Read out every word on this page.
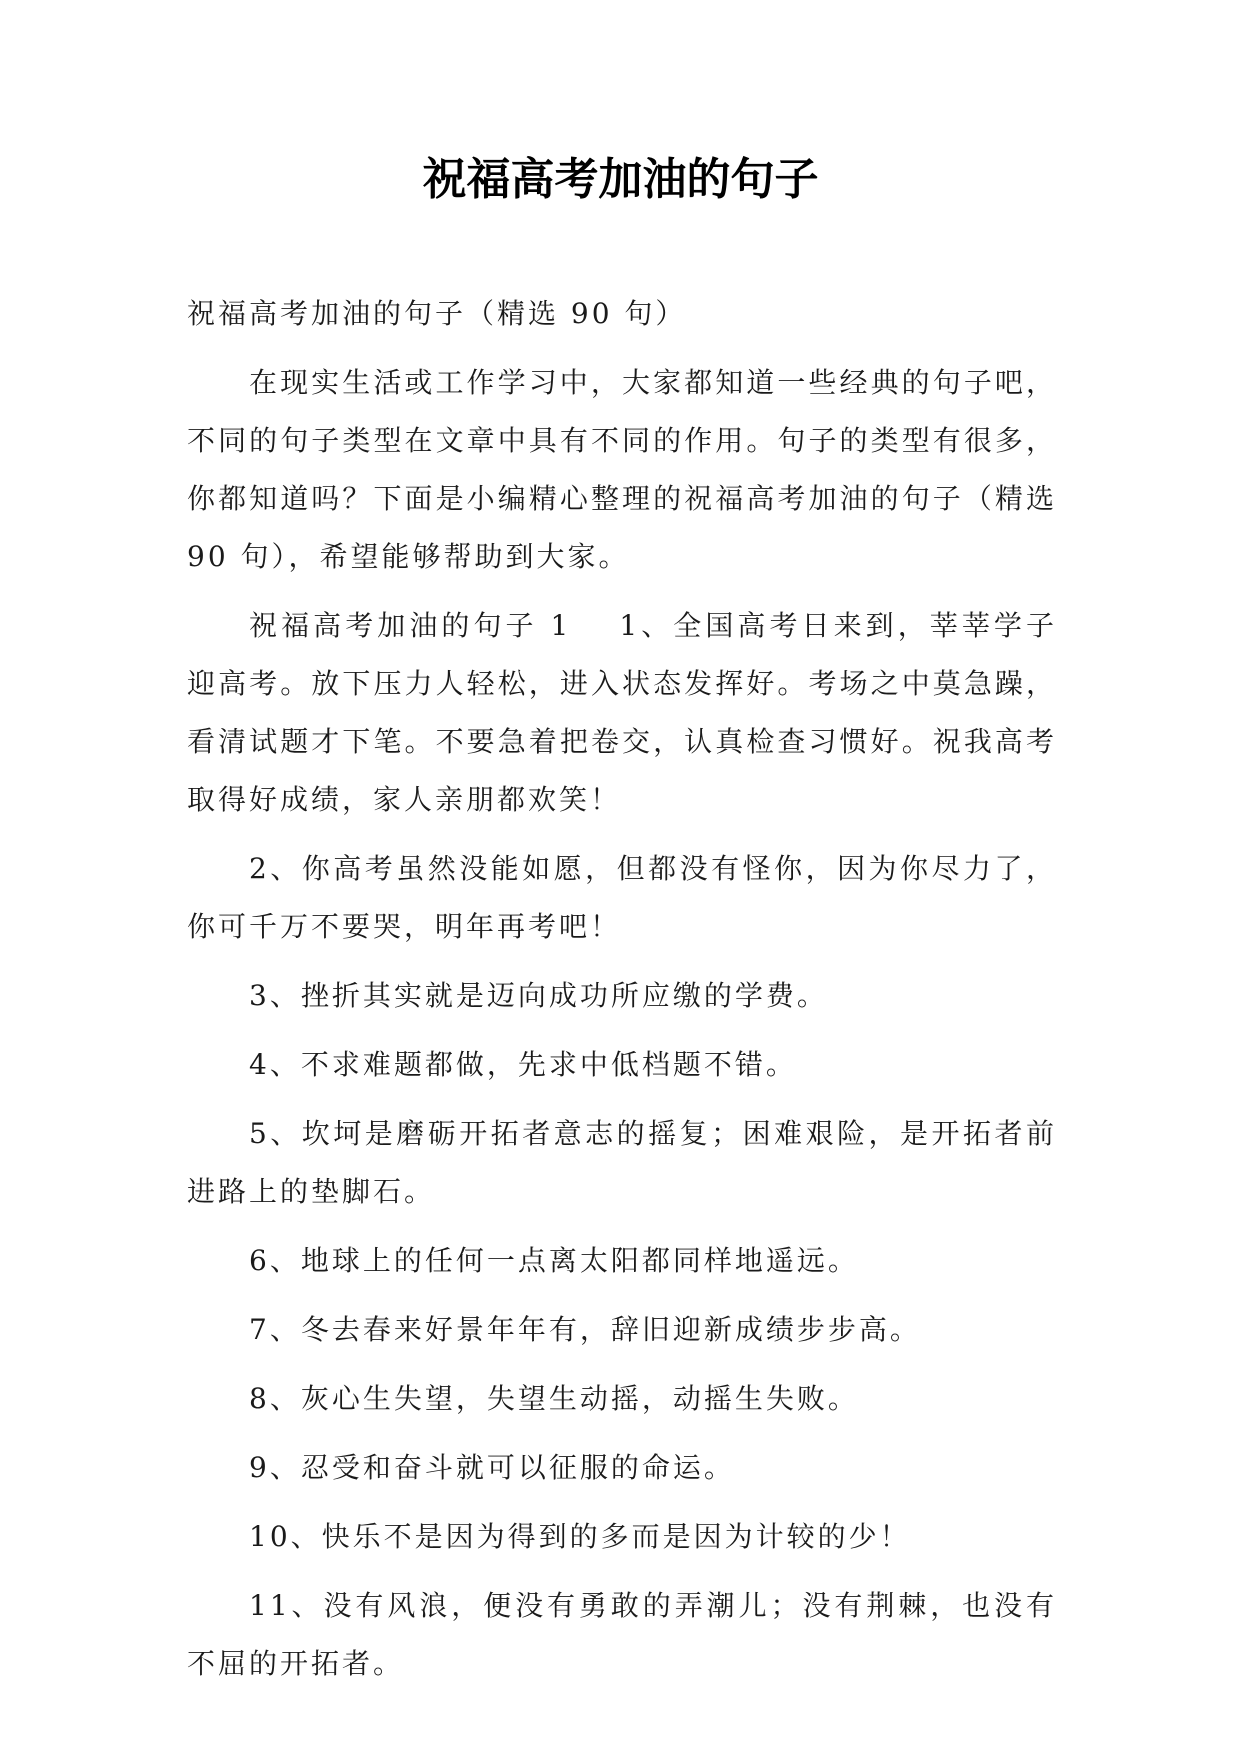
祝福高考加油的句子

祝福高考加油的句子（精选 90 句）

在现实生活或工作学习中，大家都知道一些经典的句子吧，不同的句子类型在文章中具有不同的作用。句子的类型有很多，你都知道吗？下面是小编精心整理的祝福高考加油的句子（精选 90 句），希望能够帮助到大家。

祝福高考加油的句子 1 1、全国高考日来到，莘莘学子迎高考。放下压力人轻松，进入状态发挥好。考场之中莫急躁，看清试题才下笔。不要急着把卷交，认真检查习惯好。祝我高考取得好成绩，家人亲朋都欢笑！

2、你高考虽然没能如愿，但都没有怪你，因为你尽力了，你可千万不要哭，明年再考吧！

3、挫折其实就是迈向成功所应缴的学费。

4、不求难题都做，先求中低档题不错。

5、坎坷是磨砺开拓者意志的摇复；困难艰险，是开拓者前进路上的垫脚石。

6、地球上的任何一点离太阳都同样地遥远。

7、冬去春来好景年年有，辞旧迎新成绩步步高。

8、灰心生失望，失望生动摇，动摇生失败。

9、忍受和奋斗就可以征服的命运。

10、快乐不是因为得到的多而是因为计较的少！

11、没有风浪，便没有勇敢的弄潮儿；没有荆棘，也没有不屈的开拓者。
